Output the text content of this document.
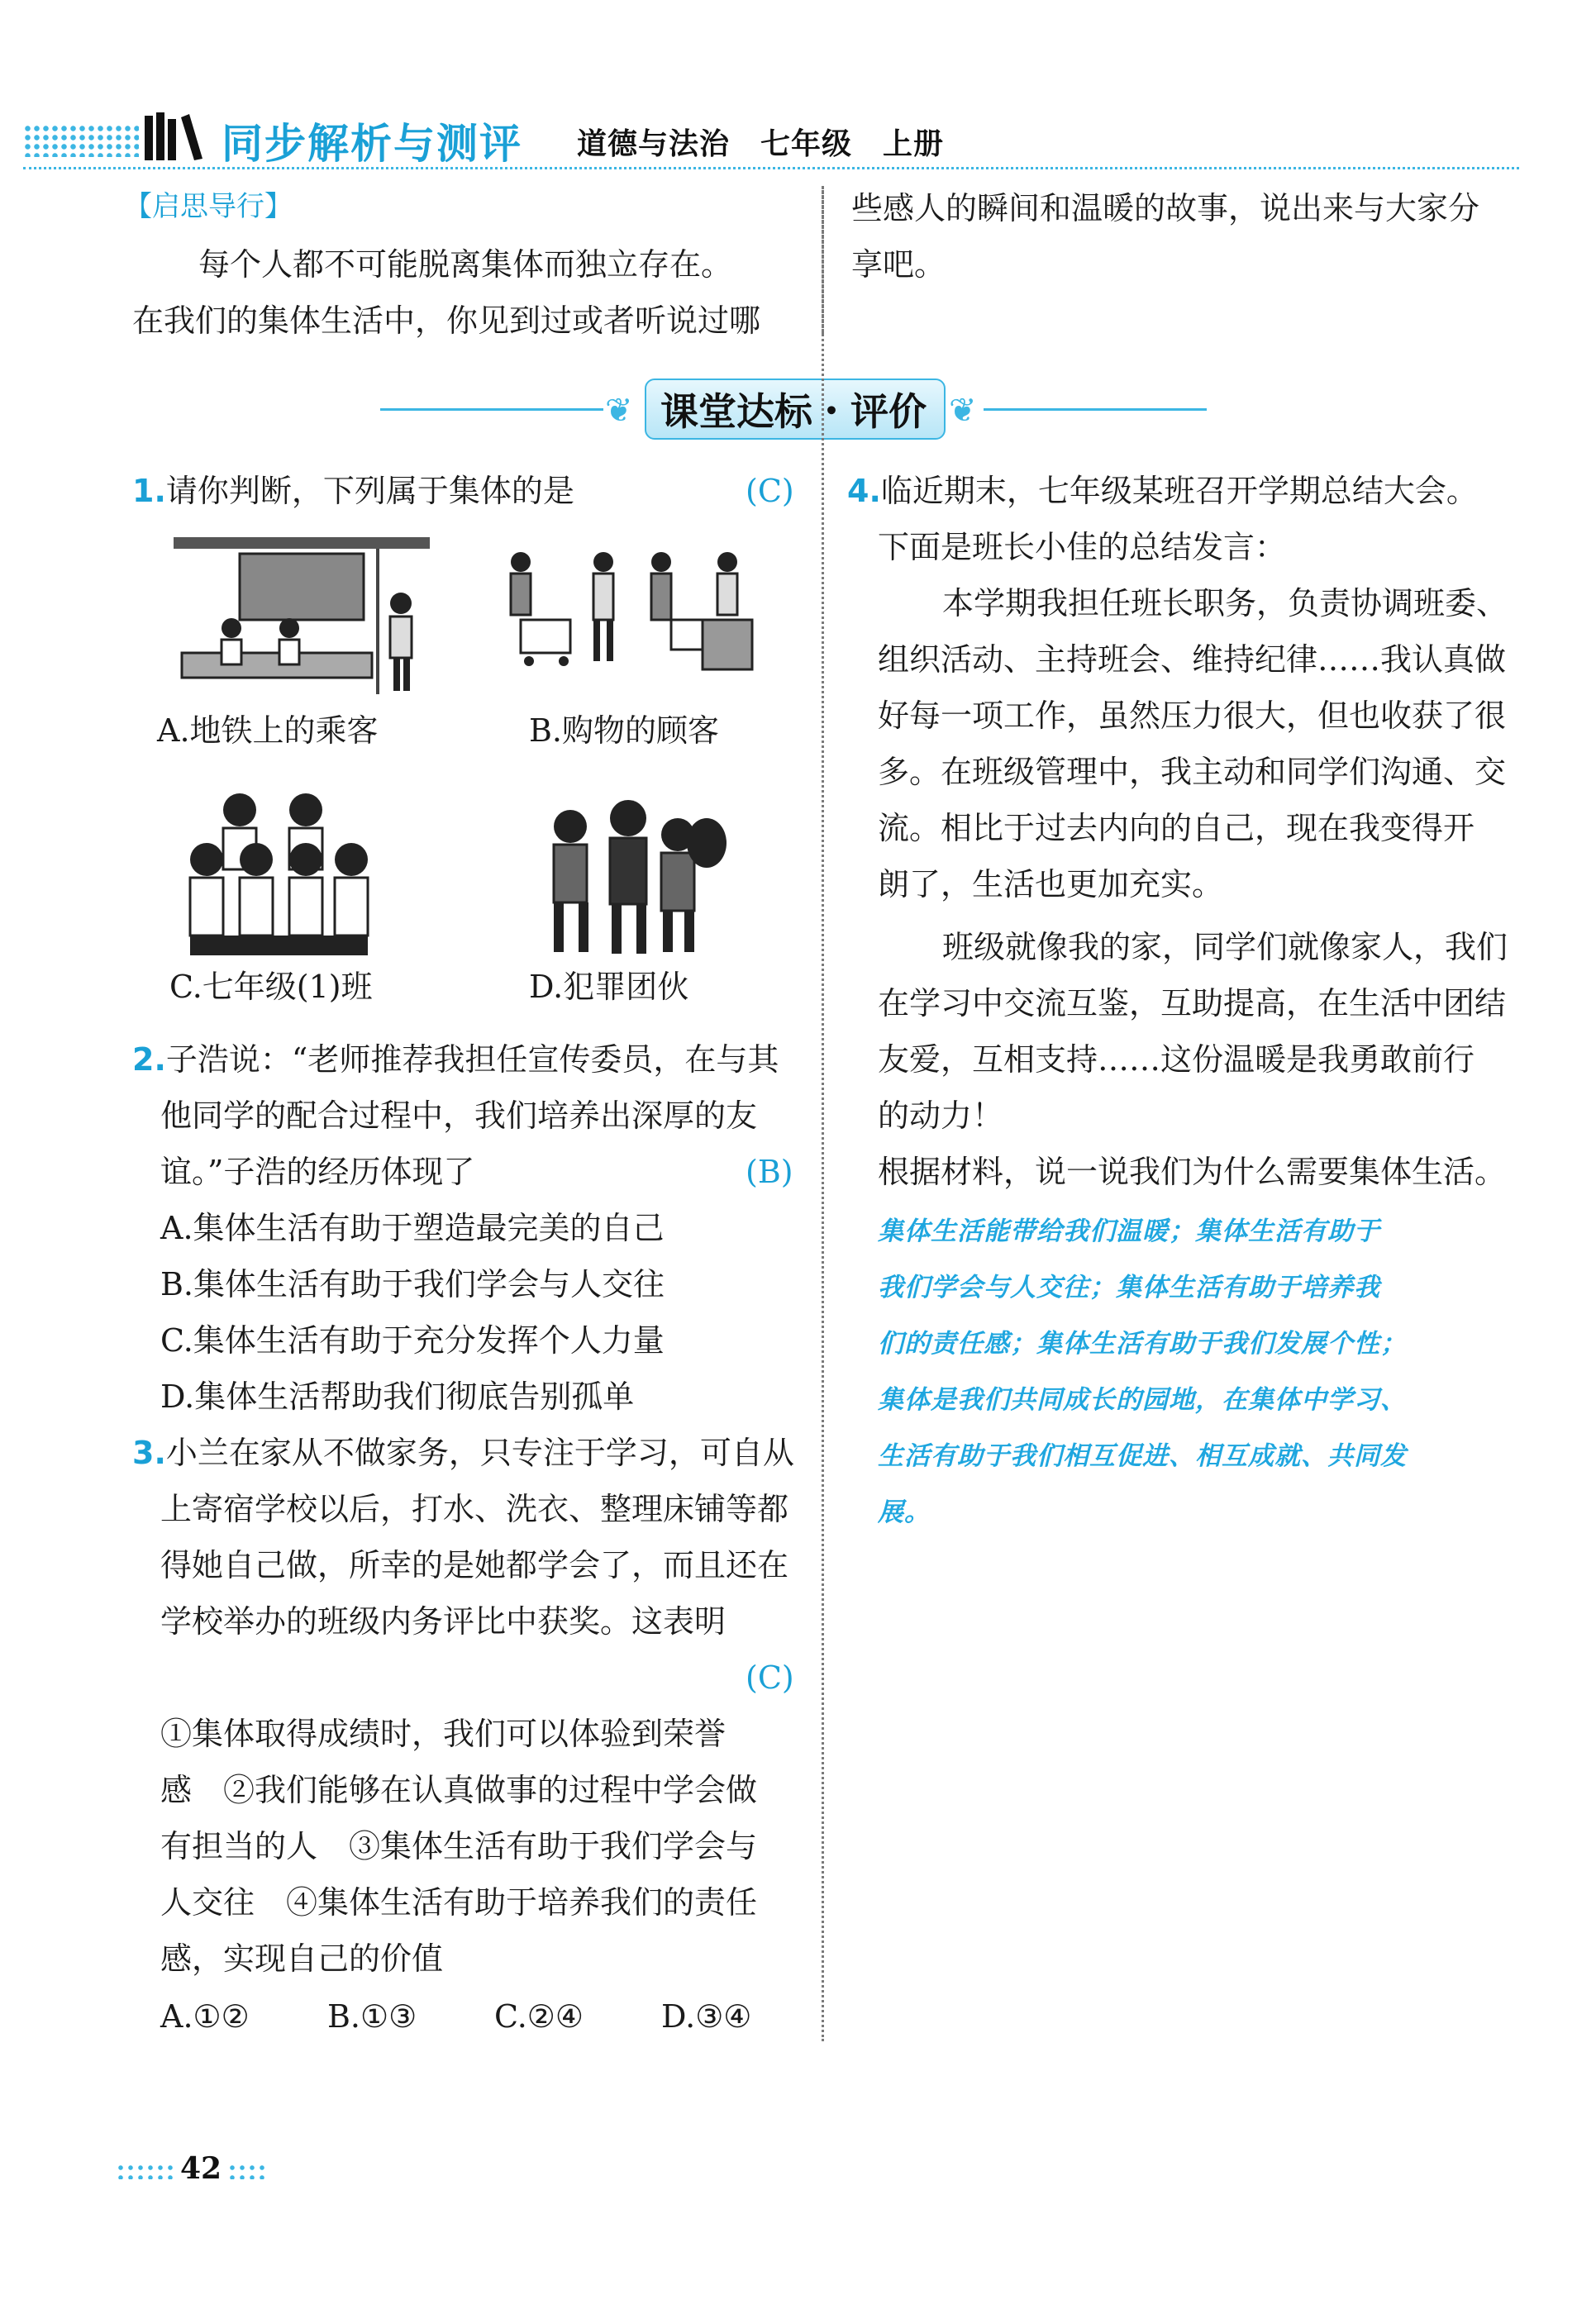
同步解析与测评 道德与法治　七年级　上册
【启思导行】
每个人都不可能脱离集体而独立存在。
在我们的集体生活中，你见到过或者听说过哪
些感人的瞬间和温暖的故事，说出来与大家分
享吧。
❦ 课堂达标・评价 ❦
1.请你判断，下列属于集体的是	(C)
A.地铁上的乘客	B.购物的顾客
C.七年级(1)班	D.犯罪团伙
2.子浩说：“老师推荐我担任宣传委员，在与其
他同学的配合过程中，我们培养出深厚的友
谊。”子浩的经历体现了	(B)
A.集体生活有助于塑造最完美的自己
B.集体生活有助于我们学会与人交往
C.集体生活有助于充分发挥个人力量
D.集体生活帮助我们彻底告别孤单
3.小兰在家从不做家务，只专注于学习，可自从
上寄宿学校以后，打水、洗衣、整理床铺等都
得她自己做，所幸的是她都学会了，而且还在
学校举办的班级内务评比中获奖。这表明
(C)
①集体取得成绩时，我们可以体验到荣誉
感　②我们能够在认真做事的过程中学会做
有担当的人　③集体生活有助于我们学会与
人交往　④集体生活有助于培养我们的责任
感，实现自己的价值
A.①② B.①③ C.②④ D.③④
4.临近期末，七年级某班召开学期总结大会。
下面是班长小佳的总结发言：
本学期我担任班长职务，负责协调班委、
组织活动、主持班会、维持纪律……我认真做
好每一项工作，虽然压力很大，但也收获了很
多。在班级管理中，我主动和同学们沟通、交
流。相比于过去内向的自己，现在我变得开
朗了，生活也更加充实。
班级就像我的家，同学们就像家人，我们
在学习中交流互鉴，互助提高，在生活中团结
友爱，互相支持……这份温暖是我勇敢前行
的动力！
根据材料，说一说我们为什么需要集体生活。
集体生活能带给我们温暖；集体生活有助于
我们学会与人交往；集体生活有助于培养我
们的责任感；集体生活有助于我们发展个性；
集体是我们共同成长的园地，在集体中学习、
生活有助于我们相互促进、相互成就、共同发
展。
42
